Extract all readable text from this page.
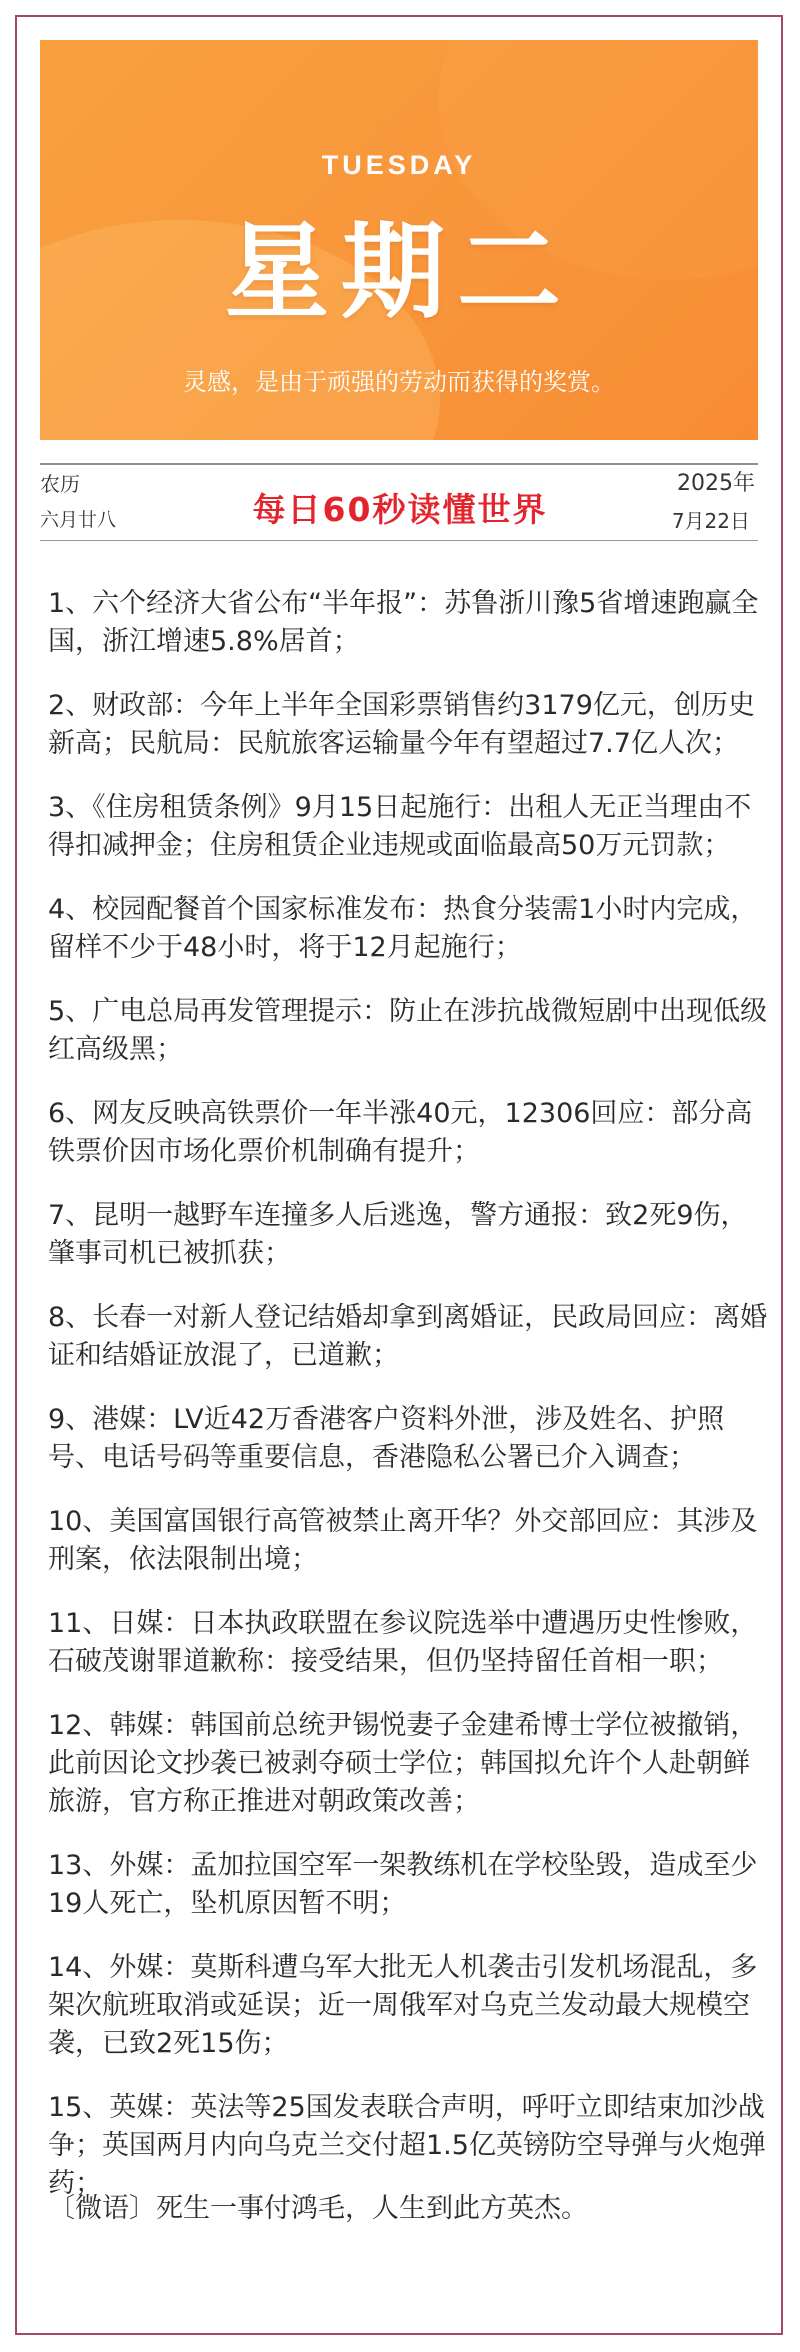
TUESDAY
星期二
灵感，是由于顽强的劳动而获得的奖赏。
农历
六月廿八	每日60秒读懂世界
2025年
7月22日
1、六个经济大省公布“半年报”：苏鲁浙川豫5省增速跑赢全国，浙江增速5.8%居首；
2、财政部：今年上半年全国彩票销售约3179亿元，创历史新高；民航局：民航旅客运输量今年有望超过7.7亿人次；
3、《住房租赁条例》9月15日起施行：出租人无正当理由不得扣减押金；住房租赁企业违规或面临最高50万元罚款；
4、校园配餐首个国家标准发布：热食分装需1小时内完成，留样不少于48小时，将于12月起施行；
5、广电总局再发管理提示：防止在涉抗战微短剧中出现低级红高级黑；
6、网友反映高铁票价一年半涨40元，12306回应：部分高铁票价因市场化票价机制确有提升；
7、昆明一越野车连撞多人后逃逸，警方通报：致2死9伤，肇事司机已被抓获；
8、长春一对新人登记结婚却拿到离婚证，民政局回应：离婚证和结婚证放混了，已道歉；
9、港媒：LV近42万香港客户资料外泄，涉及姓名、护照号、电话号码等重要信息，香港隐私公署已介入调查；
10、美国富国银行高管被禁止离开华？外交部回应：其涉及刑案，依法限制出境；
11、日媒：日本执政联盟在参议院选举中遭遇历史性惨败，石破茂谢罪道歉称：接受结果，但仍坚持留任首相一职；
12、韩媒：韩国前总统尹锡悦妻子金建希博士学位被撤销，此前因论文抄袭已被剥夺硕士学位；韩国拟允许个人赴朝鲜旅游，官方称正推进对朝政策改善；
13、外媒：孟加拉国空军一架教练机在学校坠毁，造成至少19人死亡，坠机原因暂不明；
14、外媒：莫斯科遭乌军大批无人机袭击引发机场混乱，多架次航班取消或延误；近一周俄军对乌克兰发动最大规模空袭，已致2死15伤；
15、英媒：英法等25国发表联合声明，呼吁立即结束加沙战争；英国两月内向乌克兰交付超1.5亿英镑防空导弹与火炮弹药；
〔微语〕死生一事付鸿毛，人生到此方英杰。
